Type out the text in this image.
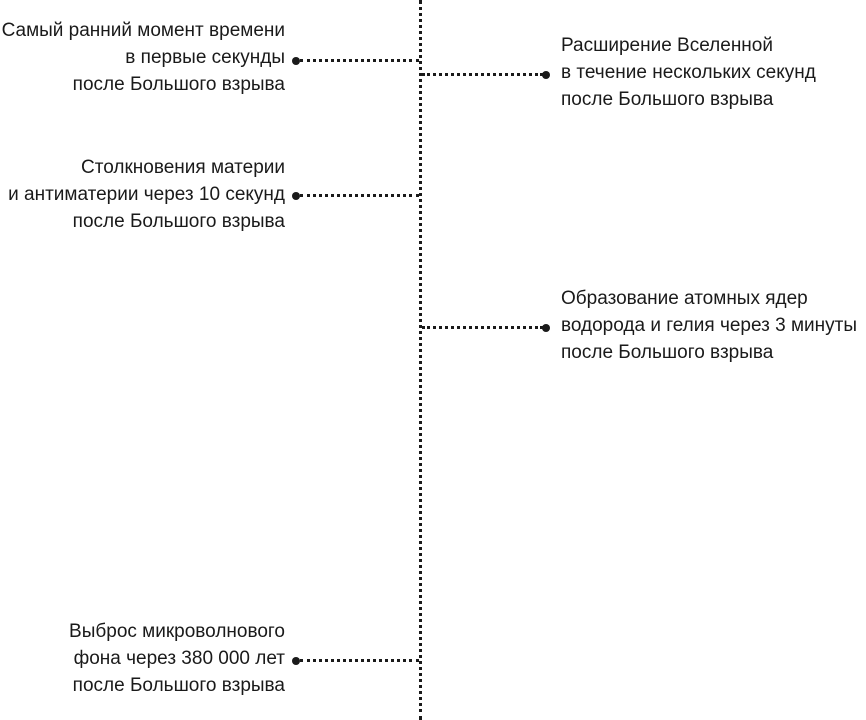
Самый ранний момент времени
в первые секунды
после Большого взрыва
Расширение Вселенной
в течение нескольких секунд
после Большого взрыва
Столкновения материи
и антиматерии через 10 секунд
после Большого взрыва
Образование атомных ядер
водорода и гелия через 3 минуты
после Большого взрыва
Выброс микроволнового
фона через 380 000 лет
после Большого взрыва
